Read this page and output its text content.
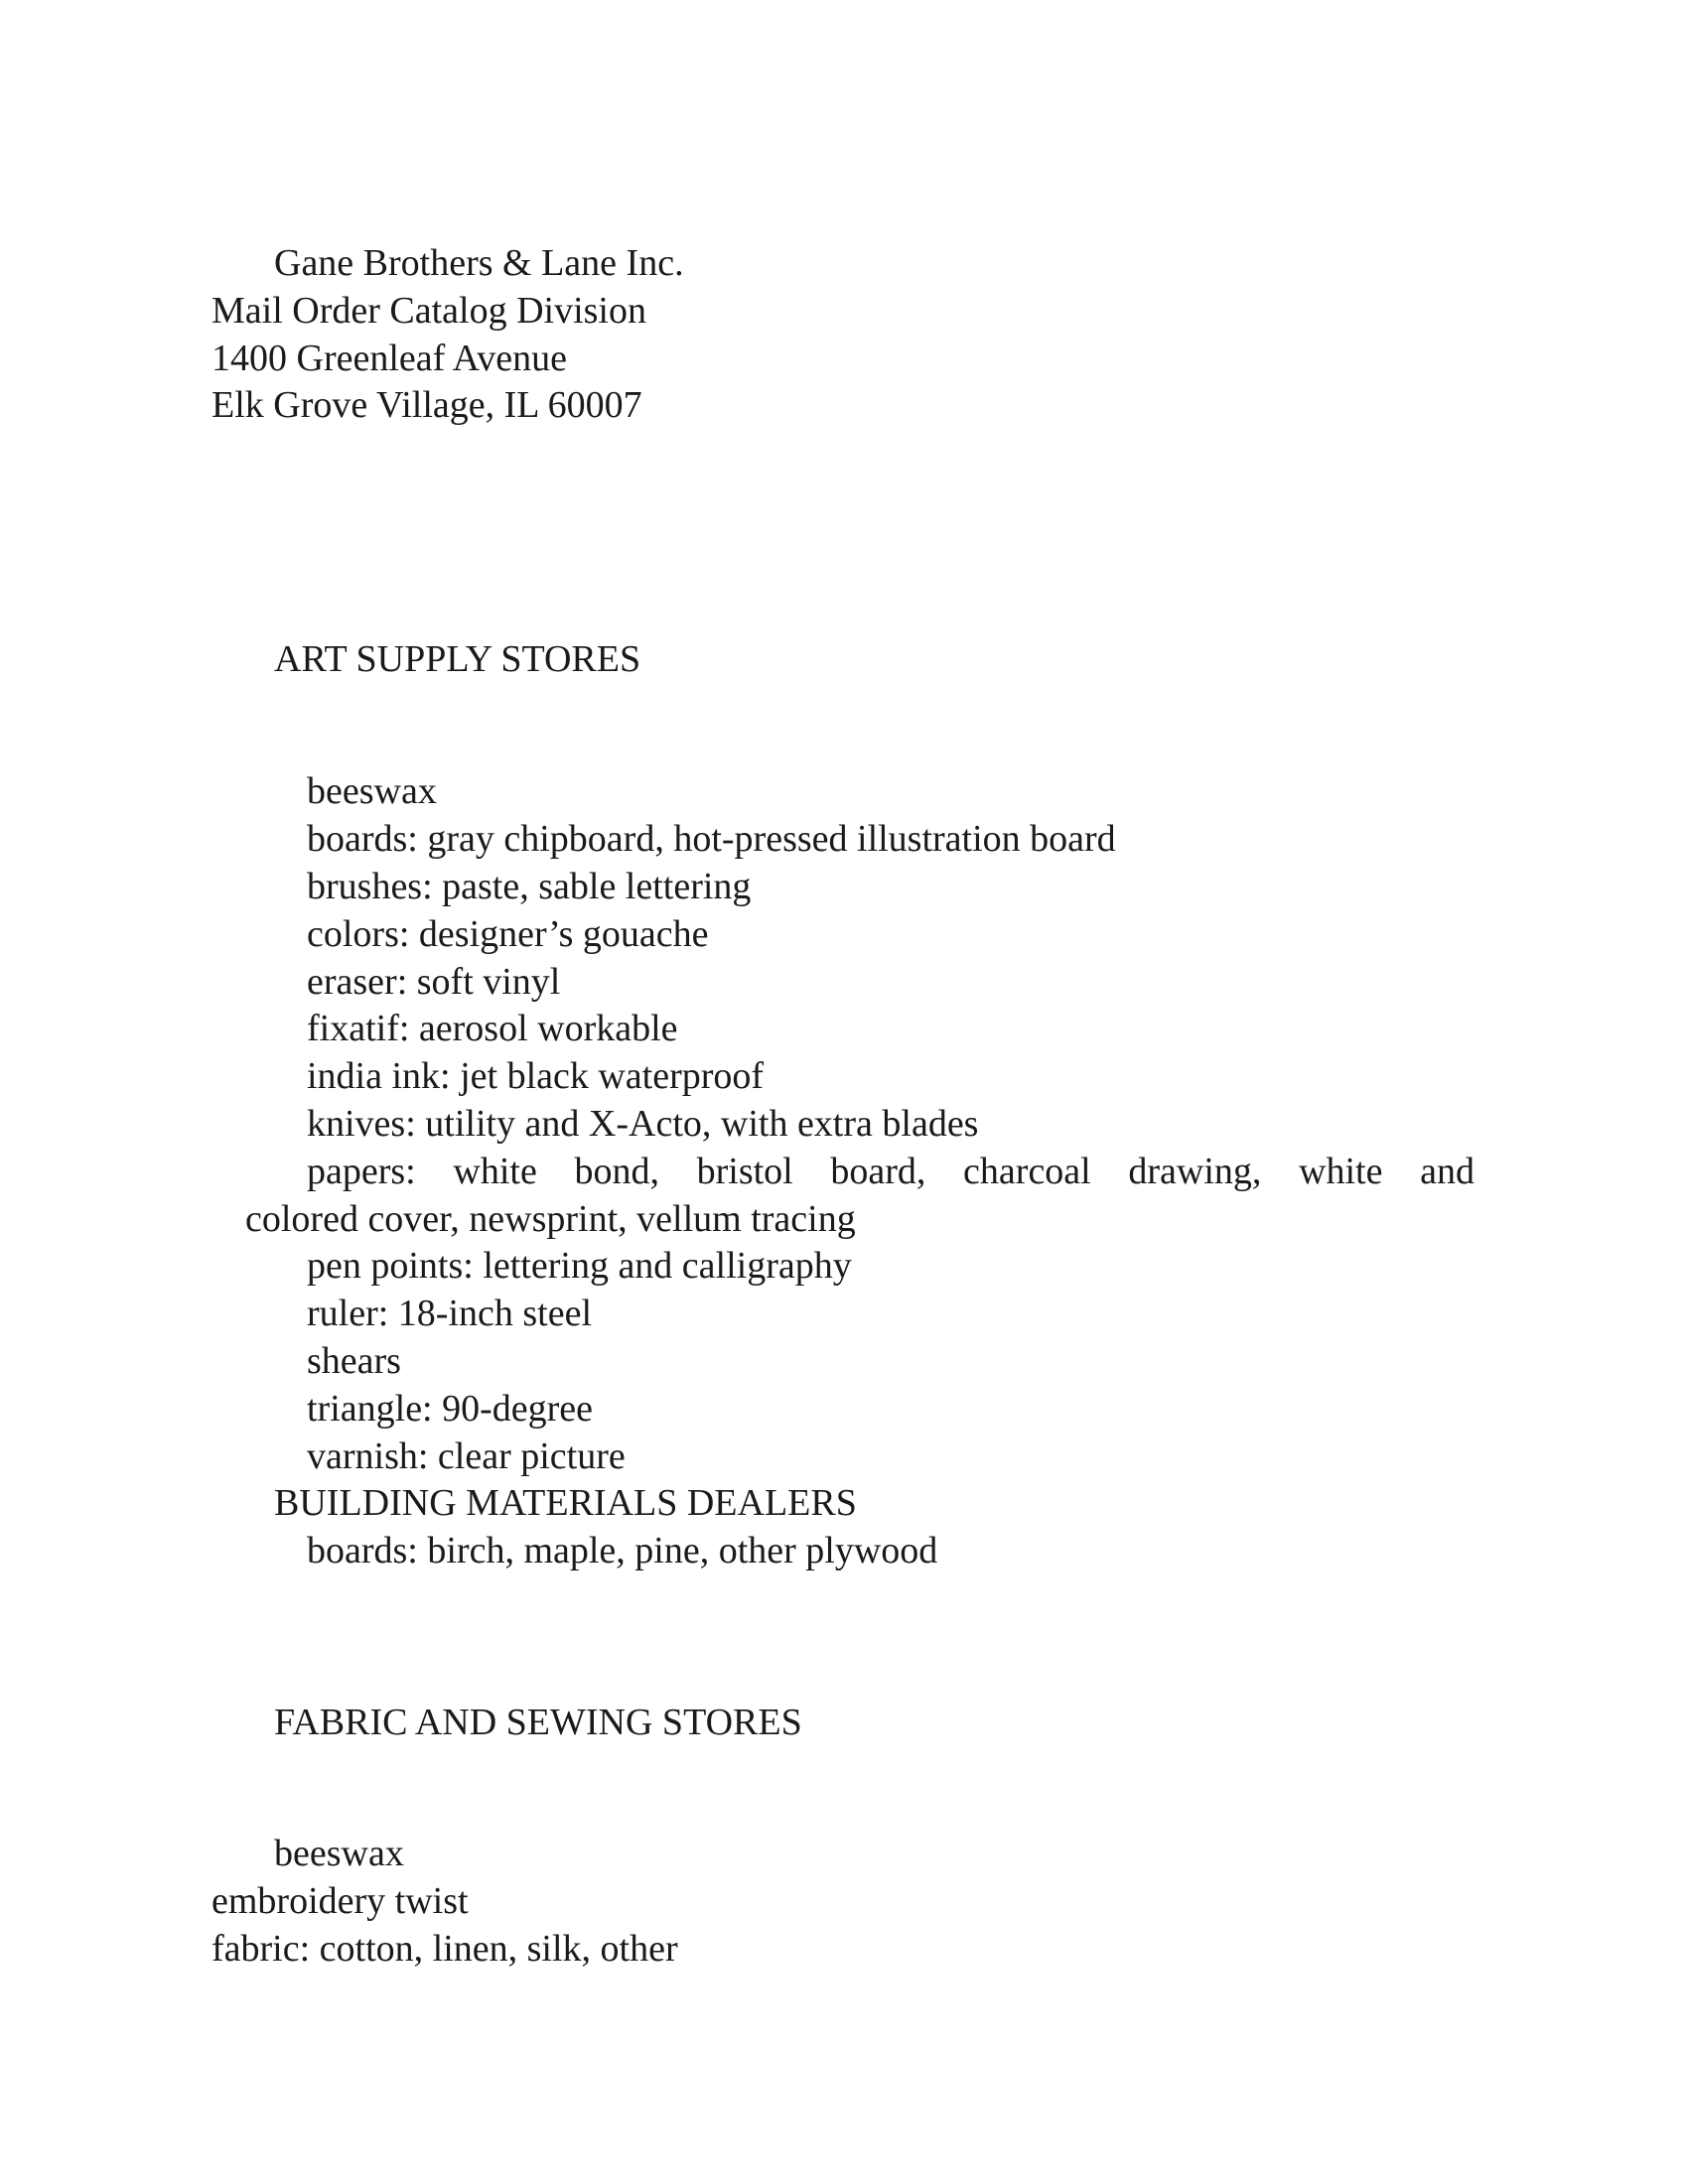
Gane Brothers & Lane Inc.
Mail Order Catalog Division
1400 Greenleaf Avenue
Elk Grove Village, IL 60007
ART SUPPLY STORES
beeswax
boards: gray chipboard, hot-pressed illustration board
brushes: paste, sable lettering
colors: designer’s gouache
eraser: soft vinyl
fixatif: aerosol workable
india ink: jet black waterproof
knives: utility and X-Acto, with extra blades
papers: white bond, bristol board, charcoal drawing, white and
colored cover, newsprint, vellum tracing
pen points: lettering and calligraphy
ruler: 18-inch steel
shears
triangle: 90-degree
varnish: clear picture
BUILDING MATERIALS DEALERS
boards: birch, maple, pine, other plywood
FABRIC AND SEWING STORES
beeswax
embroidery twist
fabric: cotton, linen, silk, other
